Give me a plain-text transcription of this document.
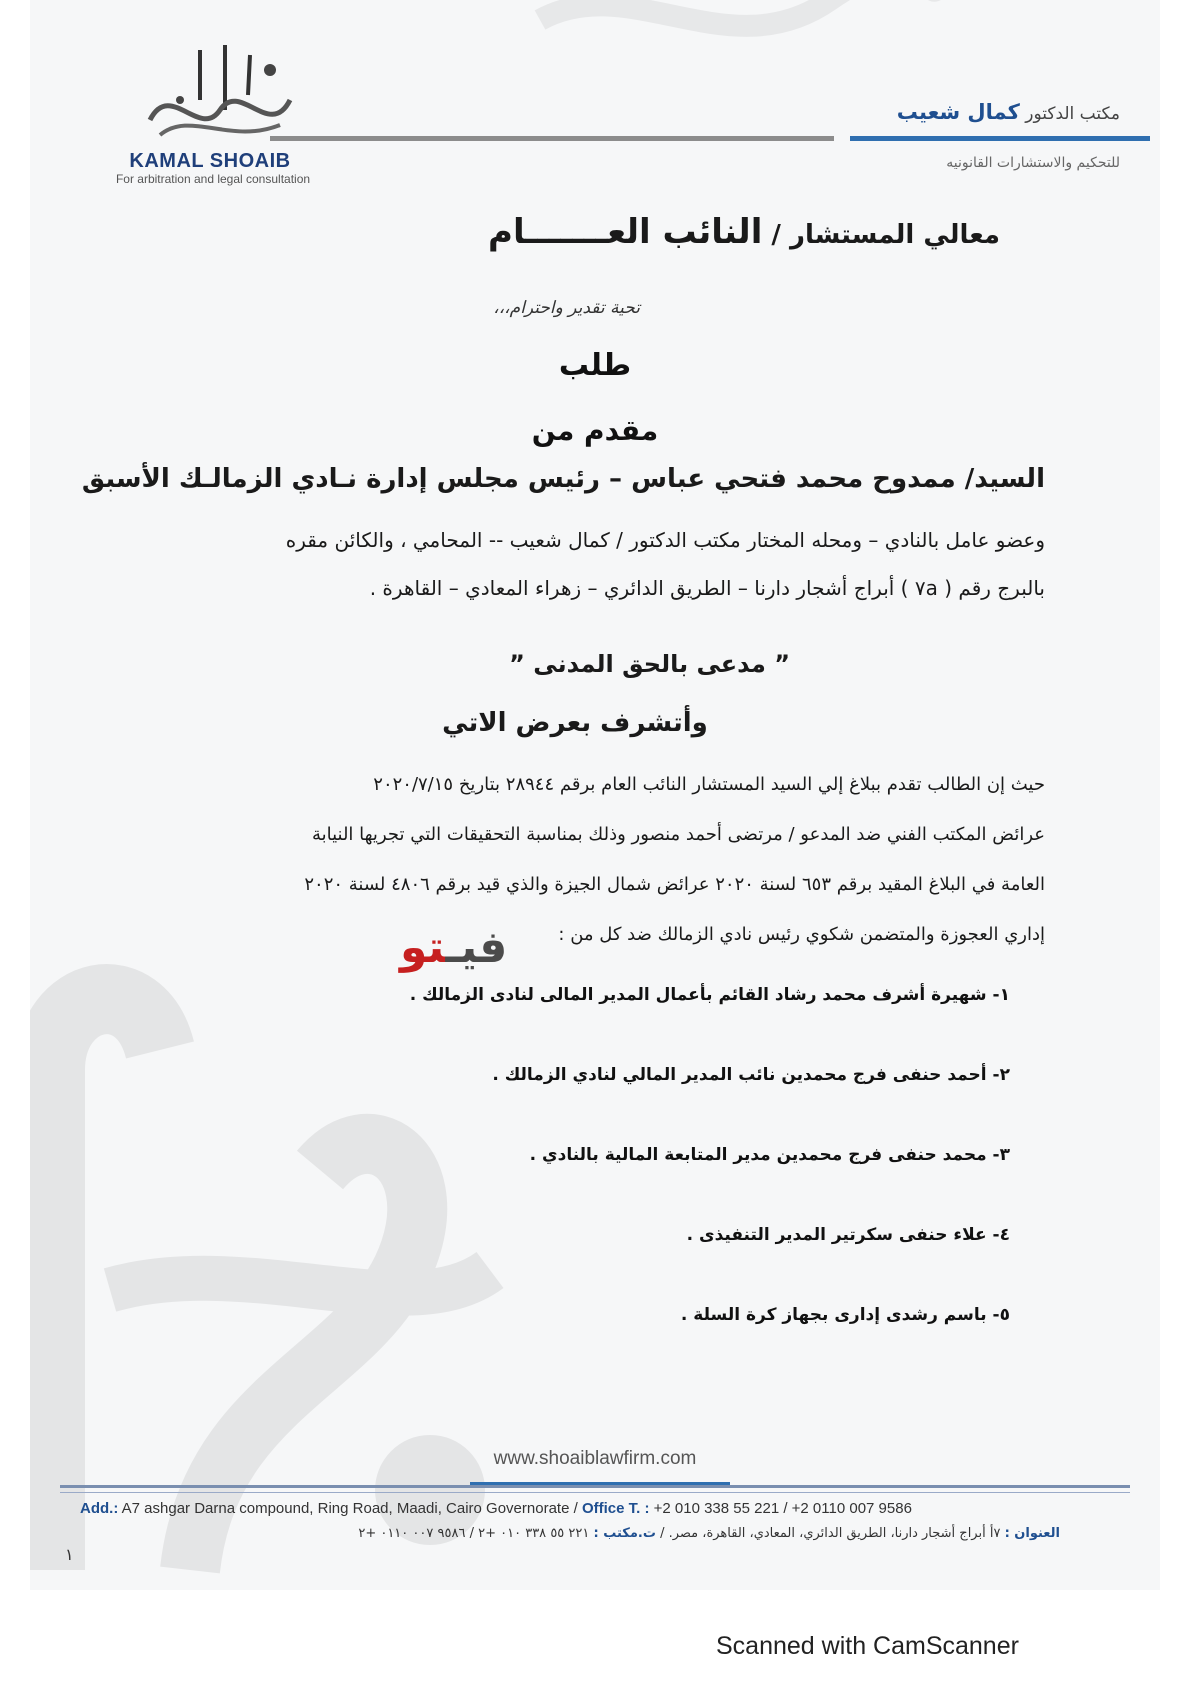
KAMAL SHOAIB
For arbitration and legal consultation
مكتب الدكتور كمال شعيب
للتحكيم والاستشارات القانونيه
معالي المستشار / النائب العـــــــام
تحية تقدير واحترام،،،
طلب
مقدم من
السيد/ ممدوح محمد فتحي عباس – رئيس مجلس إدارة نـادي الزمالـك الأسبق
وعضو عامل بالنادي – ومحله المختار مكتب الدكتور / كمال شعيب -- المحامي ، والكائن مقره
بالبرج رقم ( ٧a ) أبراج أشجار دارنا – الطريق الدائري – زهراء المعادي – القاهرة .
” مدعى بالحق المدنى ”
وأتشرف بعرض الاتي
حيث إن الطالب تقدم ببلاغ إلي السيد المستشار النائب العام برقم ٢٨٩٤٤ بتاريخ ٢٠٢٠/٧/١٥
عرائض المكتب الفني ضد المدعو / مرتضى أحمد منصور وذلك بمناسبة التحقيقات التي تجريها النيابة
العامة في البلاغ المقيد برقم ٦٥٣ لسنة ٢٠٢٠ عرائض شمال الجيزة والذي قيد برقم ٤٨٠٦ لسنة ٢٠٢٠
إداري العجوزة والمتضمن شكوي رئيس نادي الزمالك ضد كل من :
فيـتو
١- شهيرة أشرف محمد رشاد القائم بأعمال المدير المالى لنادى الزمالك .
٢- أحمد حنفى فرج محمدين نائب المدير المالي لنادي الزمالك .
٣- محمد حنفى فرج محمدين مدير المتابعة المالية بالنادي .
٤- علاء حنفى سكرتير المدير التنفيذى .
٥- باسم رشدى إدارى بجهاز كرة السلة .
www.shoaiblawfirm.com
Add.: A7 ashgar Darna compound, Ring Road, Maadi, Cairo Governorate / Office T. : +2 010 338 55 221 / +2 0110 007 9586
العنوان : ٧أ أبراج أشجار دارنا، الطريق الدائري، المعادي، القاهرة، مصر. / ت.مكتب : ٢٢١ ٥٥ ٣٣٨ ٠١٠ +٢ / ٩٥٨٦ ٠٠٧ ٠١١٠ +٢
١
Scanned with CamScanner
